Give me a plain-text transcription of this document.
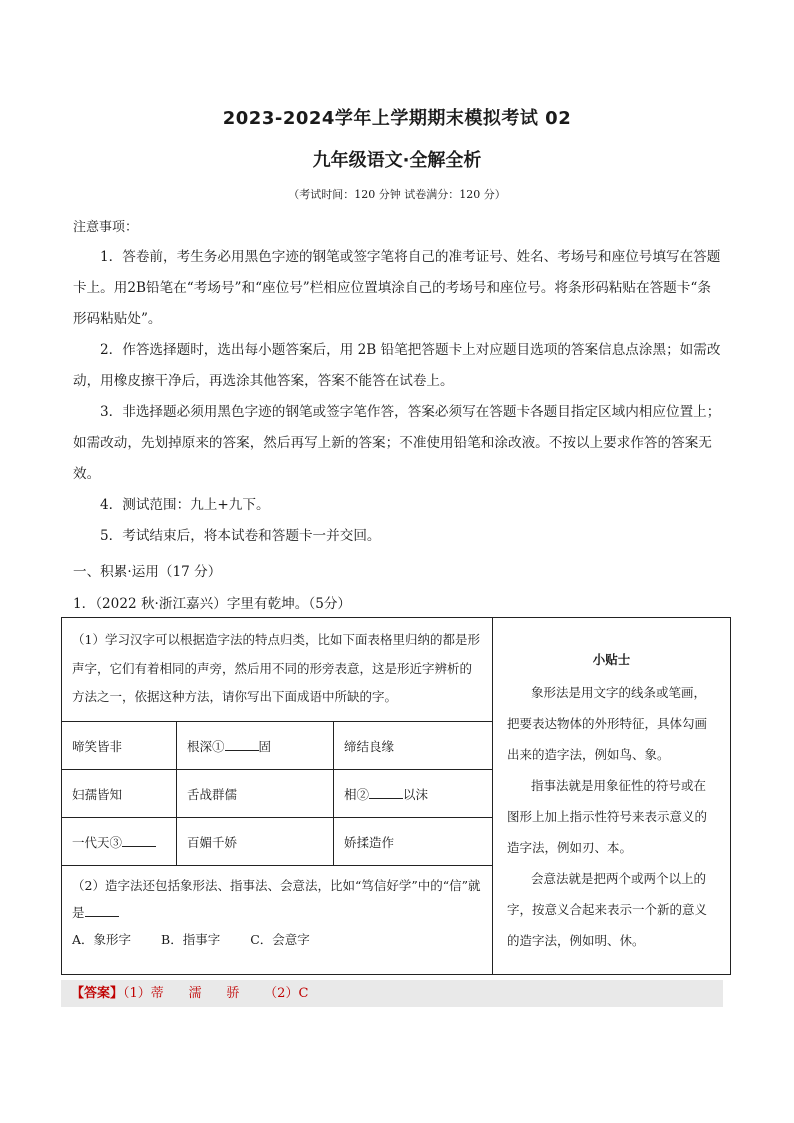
2023-2024学年上学期期末模拟考试 02
九年级语文·全解全析
（考试时间：120 分钟 试卷满分：120 分）
注意事项：
1．答卷前，考生务必用黑色字迹的钢笔或签字笔将自己的准考证号、姓名、考场号和座位号填写在答题卡上。用2B铅笔在“考场号”和“座位号”栏相应位置填涂自己的考场号和座位号。将条形码粘贴在答题卡“条形码粘贴处”。
2．作答选择题时，选出每小题答案后，用 2B 铅笔把答题卡上对应题目选项的答案信息点涂黑；如需改动，用橡皮擦干净后，再选涂其他答案，答案不能答在试卷上。
3．非选择题必须用黑色字迹的钢笔或签字笔作答，答案必须写在答题卡各题目指定区域内相应位置上；如需改动，先划掉原来的答案，然后再写上新的答案；不准使用铅笔和涂改液。不按以上要求作答的答案无效。
4．测试范围：九上+九下。
5．考试结束后，将本试卷和答题卡一并交回。
一、积累·运用（17 分）
1．（2022 秋·浙江嘉兴）字里有乾坤。（5分）
（1）学习汉字可以根据造字法的特点归类，比如下面表格里归纳的都是形声字，它们有着相同的声旁，然后用不同的形旁表意，这是形近字辨析的方法之一，依据这种方法，请你写出下面成语中所缺的字。			小贴士

象形法是用文字的线条或笔画，把要表达物体的外形特征，具体勾画出来的造字法，例如鸟、象。

指事法就是用象征性的符号或在图形上加上指示性符号来表示意义的造字法，例如刃、本。

会意法就是把两个或两个以上的字，按意义合起来表示一个新的意义的造字法，例如明、休。

啼笑皆非	根深① 固	缔结良缘	
妇孺皆知	舌战群儒	相② 以沫	
一代天③	百媚千娇	娇揉造作	
（2）造字法还包括象形法、指事法、会意法，比如“笃信好学”中的“信”就是
A．象形字 B．指事字 C．会意字			
【答案】（1）蒂      濡      骄      （2）C
